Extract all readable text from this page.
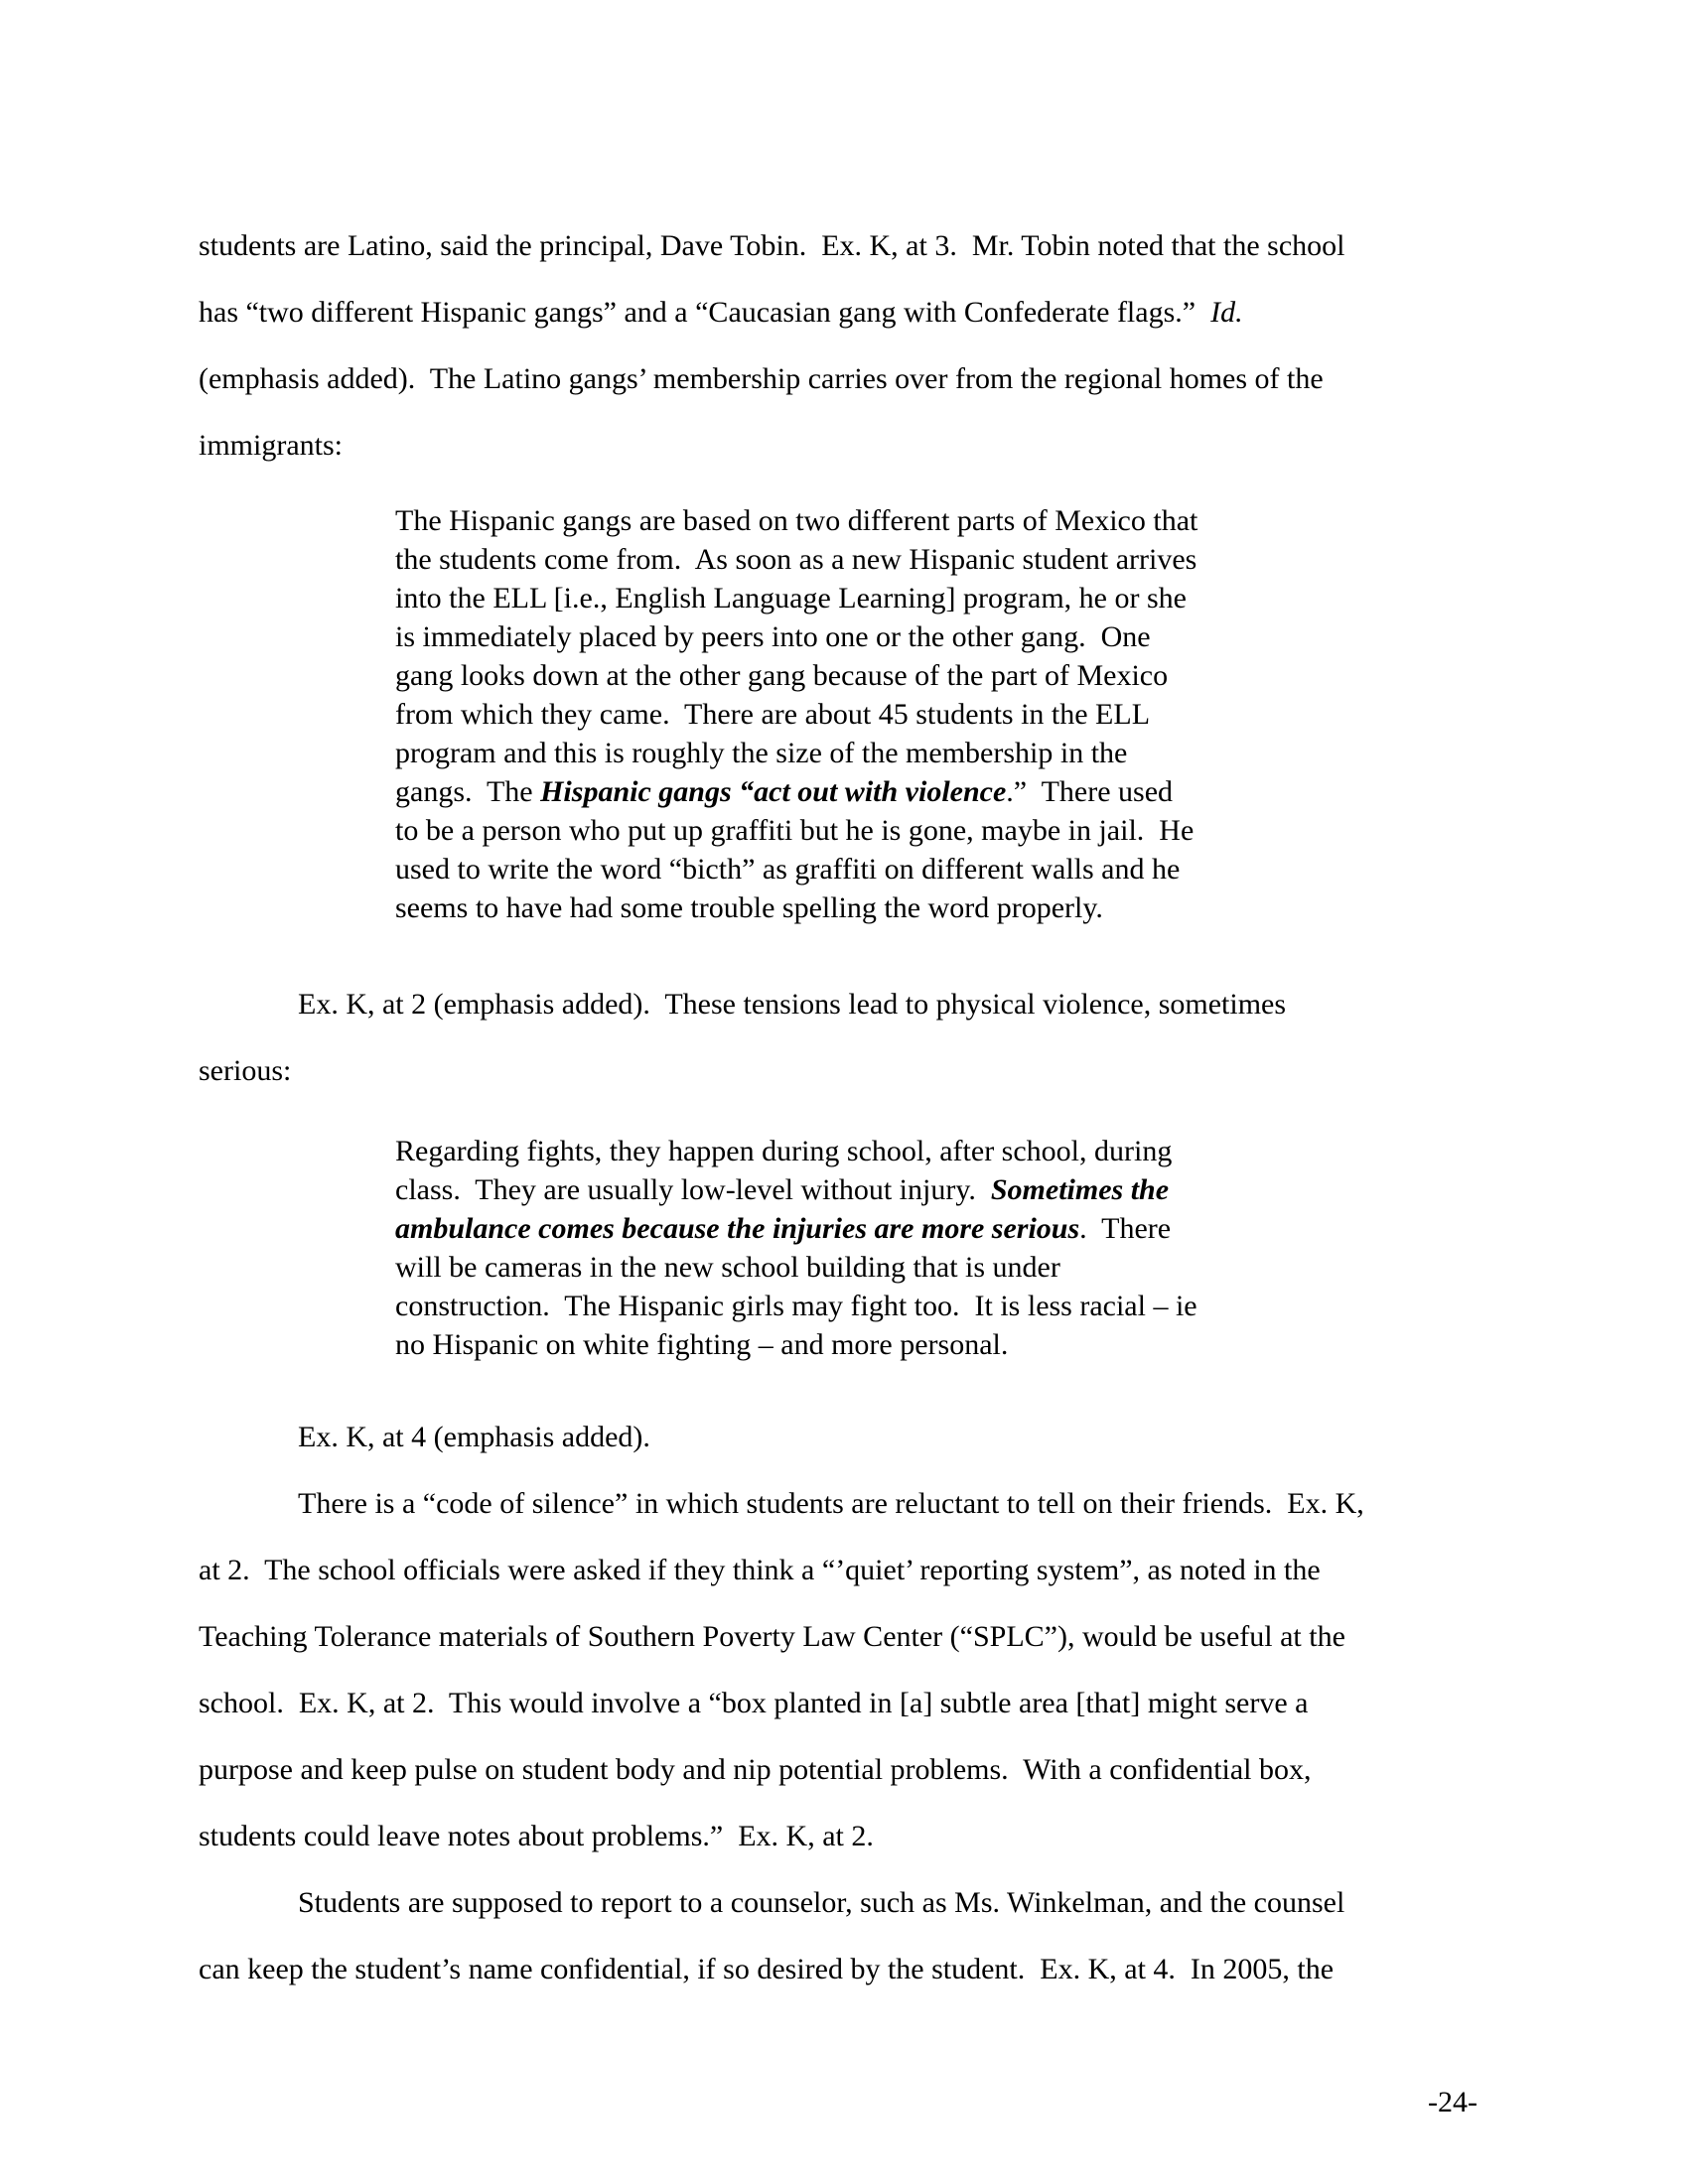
students are Latino, said the principal, Dave Tobin.  Ex. K, at 3.  Mr. Tobin noted that the school
has “two different Hispanic gangs” and a “Caucasian gang with Confederate flags.”  Id.
(emphasis added).  The Latino gangs’ membership carries over from the regional homes of the
immigrants:
The Hispanic gangs are based on two different parts of Mexico that
the students come from.  As soon as a new Hispanic student arrives
into the ELL [i.e., English Language Learning] program, he or she
is immediately placed by peers into one or the other gang.  One
gang looks down at the other gang because of the part of Mexico
from which they came.  There are about 45 students in the ELL
program and this is roughly the size of the membership in the
gangs.  The Hispanic gangs “act out with violence.”  There used
to be a person who put up graffiti but he is gone, maybe in jail.  He
used to write the word “bicth” as graffiti on different walls and he
seems to have had some trouble spelling the word properly.
Ex. K, at 2 (emphasis added).  These tensions lead to physical violence, sometimes
serious:
Regarding fights, they happen during school, after school, during
class.  They are usually low-level without injury.  Sometimes the
ambulance comes because the injuries are more serious.  There
will be cameras in the new school building that is under
construction.  The Hispanic girls may fight too.  It is less racial – ie
no Hispanic on white fighting – and more personal.
Ex. K, at 4 (emphasis added).
There is a “code of silence” in which students are reluctant to tell on their friends.  Ex. K,
at 2.  The school officials were asked if they think a “’quiet’ reporting system”, as noted in the
Teaching Tolerance materials of Southern Poverty Law Center (“SPLC”), would be useful at the
school.  Ex. K, at 2.  This would involve a “box planted in [a] subtle area [that] might serve a
purpose and keep pulse on student body and nip potential problems.  With a confidential box,
students could leave notes about problems.”  Ex. K, at 2.
Students are supposed to report to a counselor, such as Ms. Winkelman, and the counsel
can keep the student’s name confidential, if so desired by the student.  Ex. K, at 4.  In 2005, the
-24-
